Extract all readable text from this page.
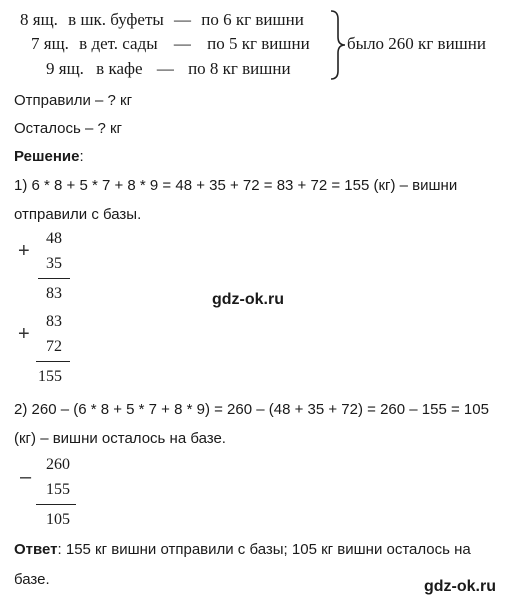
8 ящ. в шк. буфеты — по 6 кг вишни
7 ящ. в дет. сады — по 5 кг вишни
9 ящ. в кафе — по 8 кг вишни
было 260 кг вишни
Отправили – ? кг
Осталось – ? кг
Решение:
1) 6 * 8 + 5 * 7 + 8 * 9 = 48 + 35 + 72 = 83 + 72 = 155 (кг) – вишни
отправили с базы.
+
48
35
83
+
83
72
155
gdz-ok.ru
2) 260 – (6 * 8 + 5 * 7 + 8 * 9) = 260 – (48 + 35 + 72) = 260 – 155 = 105
(кг) – вишни осталось на базе.
–
260
155
105
Ответ: 155 кг вишни отправили с базы; 105 кг вишни осталось на
базе.	gdz-ok.ru
